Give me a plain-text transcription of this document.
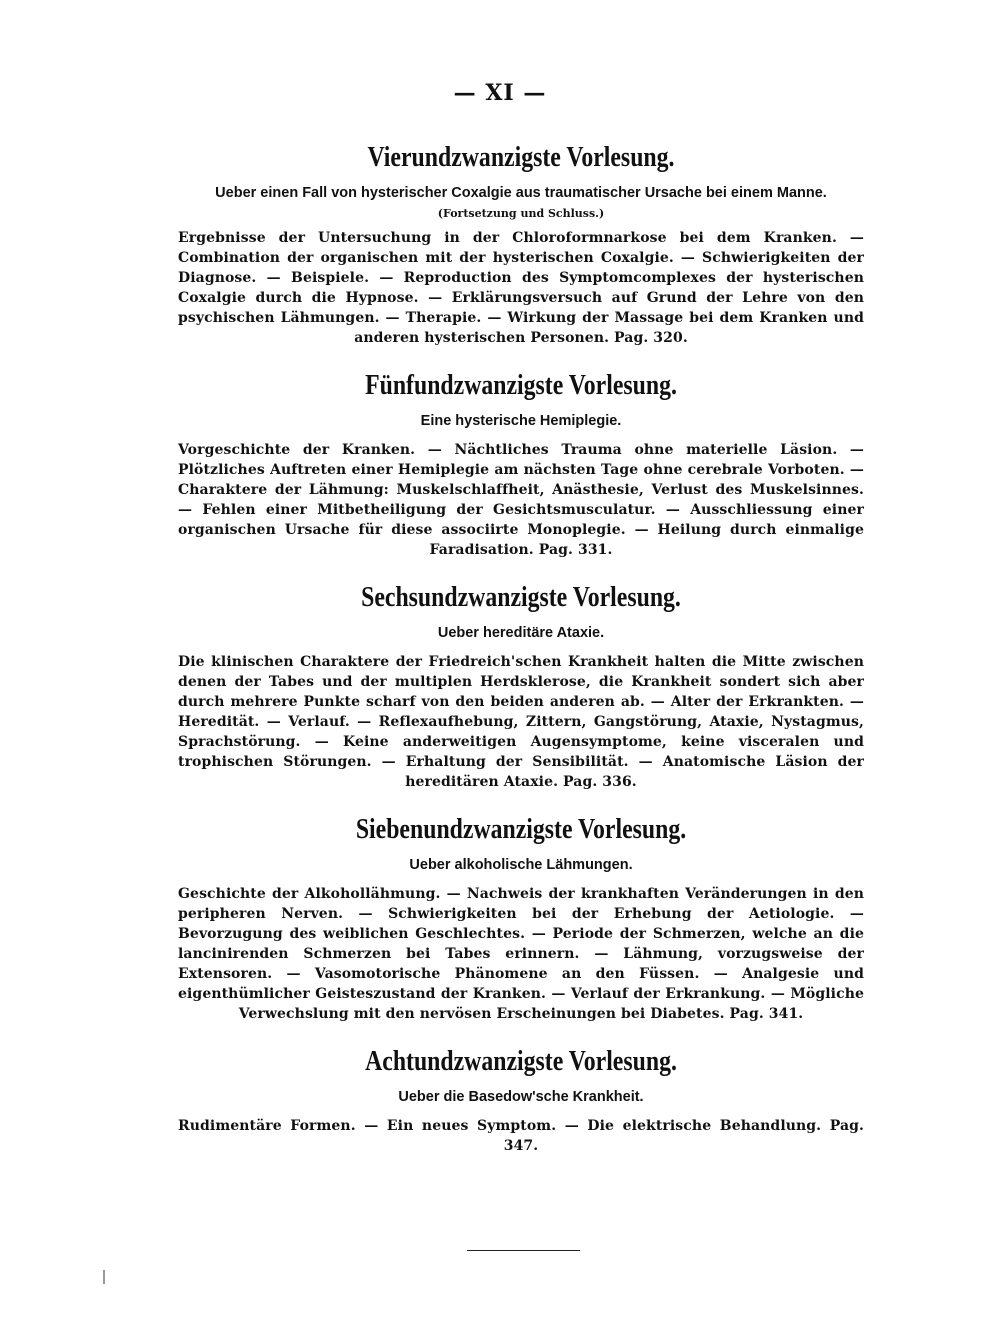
— XI —
Vierundzwanzigste Vorlesung.
Ueber einen Fall von hysterischer Coxalgie aus traumatischer Ursache bei einem Manne.
(Fortsetzung und Schluss.)

Ergebnisse der Untersuchung in der Chloroformnarkose bei dem Kranken. — Combination der organischen mit der hysterischen Coxalgie. — Schwierigkeiten der Diagnose. — Beispiele. — Reproduction des Symptomcomplexes der hysterischen Coxalgie durch die Hypnose. — Erklärungsversuch auf Grund der Lehre von den psychischen Lähmungen. — Therapie. — Wirkung der Massage bei dem Kranken und anderen hysterischen Personen. Pag. 320.

Fünfundzwanzigste Vorlesung.
Eine hysterische Hemiplegie.

Vorgeschichte der Kranken. — Nächtliches Trauma ohne materielle Läsion. — Plötzliches Auftreten einer Hemiplegie am nächsten Tage ohne cerebrale Vorboten. — Charaktere der Lähmung: Muskelschlaffheit, Anästhesie, Verlust des Muskelsinnes. — Fehlen einer Mitbetheiligung der Gesichtsmusculatur. — Ausschliessung einer organischen Ursache für diese associirte Monoplegie. — Heilung durch einmalige Faradisation. Pag. 331.

Sechsundzwanzigste Vorlesung.
Ueber hereditäre Ataxie.

Die klinischen Charaktere der Friedreich'schen Krankheit halten die Mitte zwischen denen der Tabes und der multiplen Herdsklerose, die Krankheit sondert sich aber durch mehrere Punkte scharf von den beiden anderen ab. — Alter der Erkrankten. — Heredität. — Verlauf. — Reflexaufhebung, Zittern, Gangstörung, Ataxie, Nystagmus, Sprachstörung. — Keine anderweitigen Augensymptome, keine visceralen und trophischen Störungen. — Erhaltung der Sensibilität. — Anatomische Läsion der hereditären Ataxie. Pag. 336.

Siebenundzwanzigste Vorlesung.
Ueber alkoholische Lähmungen.

Geschichte der Alkohollähmung. — Nachweis der krankhaften Veränderungen in den peripheren Nerven. — Schwierigkeiten bei der Erhebung der Aetiologie. — Bevorzugung des weiblichen Geschlechtes. — Periode der Schmerzen, welche an die lancinirenden Schmerzen bei Tabes erinnern. — Lähmung, vorzugsweise der Extensoren. — Vasomotorische Phänomene an den Füssen. — Analgesie und eigenthümlicher Geisteszustand der Kranken. — Verlauf der Erkrankung. — Mögliche Verwechslung mit den nervösen Erscheinungen bei Diabetes. Pag. 341.

Achtundzwanzigste Vorlesung.
Ueber die Basedow'sche Krankheit.

Rudimentäre Formen. — Ein neues Symptom. — Die elektrische Behandlung. Pag. 347.
